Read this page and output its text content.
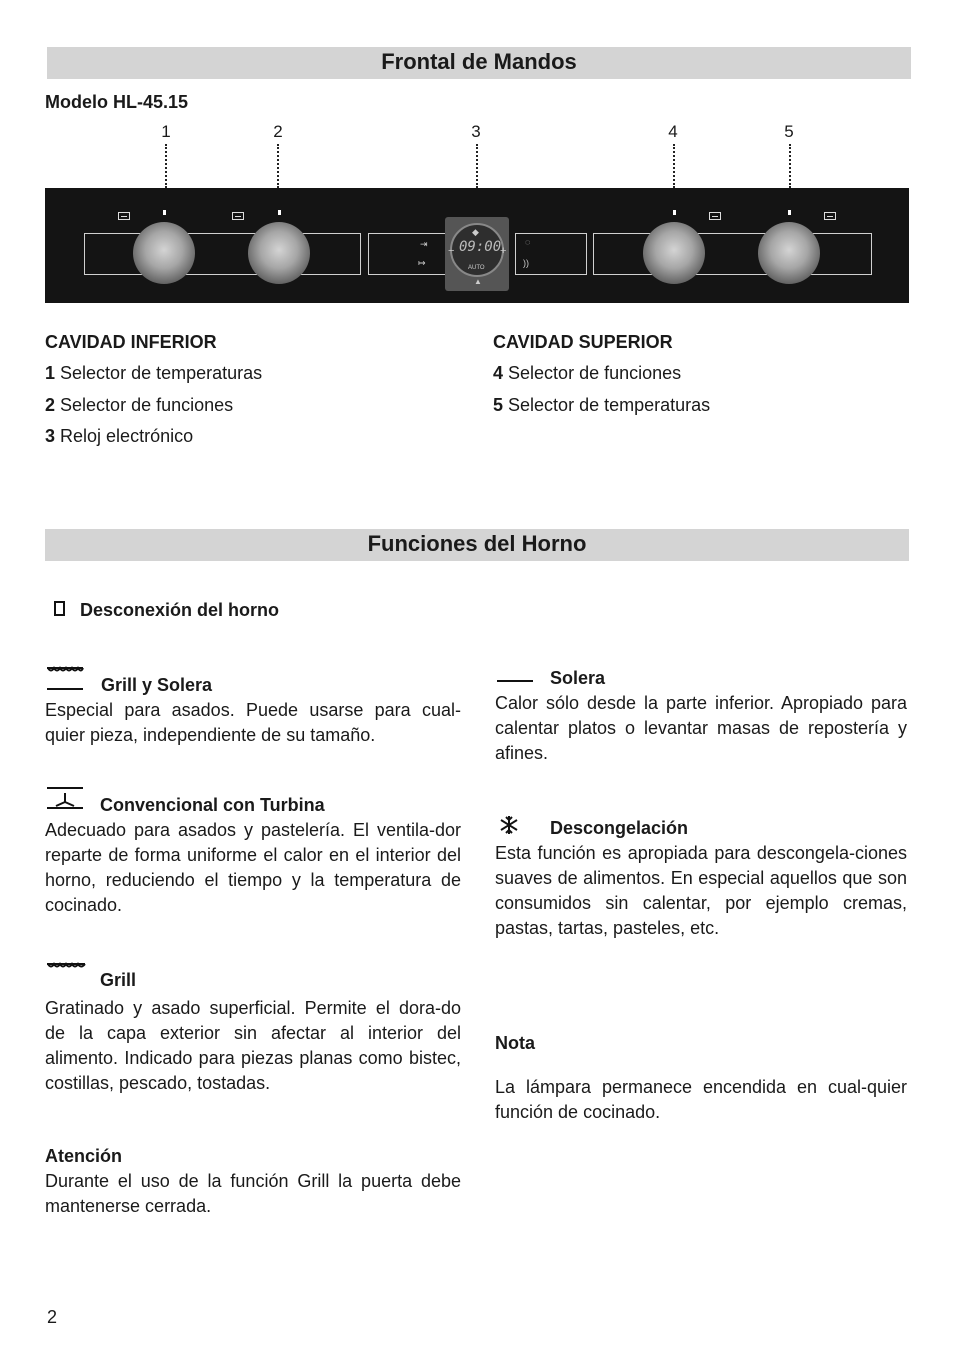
Frontal de Mandos
Modelo HL-45.15
1	2	3	4	5
⇥
↦
◌
))
−	+
◆
09:00
AUTO
▲
CAVIDAD INFERIOR
1 Selector de temperaturas
2 Selector de funciones
3 Reloj electrónico
CAVIDAD SUPERIOR
4 Selector de funciones
5 Selector de temperaturas
Funciones del Horno
Desconexión del horno
Grill y Solera
Especial para asados. Puede usarse para cual-quier pieza, independiente de su tamaño.
Convencional con Turbina
Adecuado para asados y pastelería. El ventila-dor reparte de forma uniforme el calor en el interior del horno, reduciendo el tiempo y la temperatura de cocinado.
Grill
Gratinado y asado superficial. Permite el dora-do de la capa exterior sin afectar al interior del alimento. Indicado para piezas planas como bistec, costillas, pescado, tostadas.
Atención
Durante el uso de la función Grill la puerta debe mantenerse cerrada.
Solera
Calor sólo desde la parte inferior. Apropiado para calentar platos o levantar masas de repostería y afines.
Descongelación
Esta función es apropiada para descongela-ciones suaves de alimentos. En especial aquellos que son consumidos sin calentar, por ejemplo cremas, pastas, tartas, pasteles, etc.
Nota
La lámpara permanece encendida en cual-quier función de cocinado.
2
